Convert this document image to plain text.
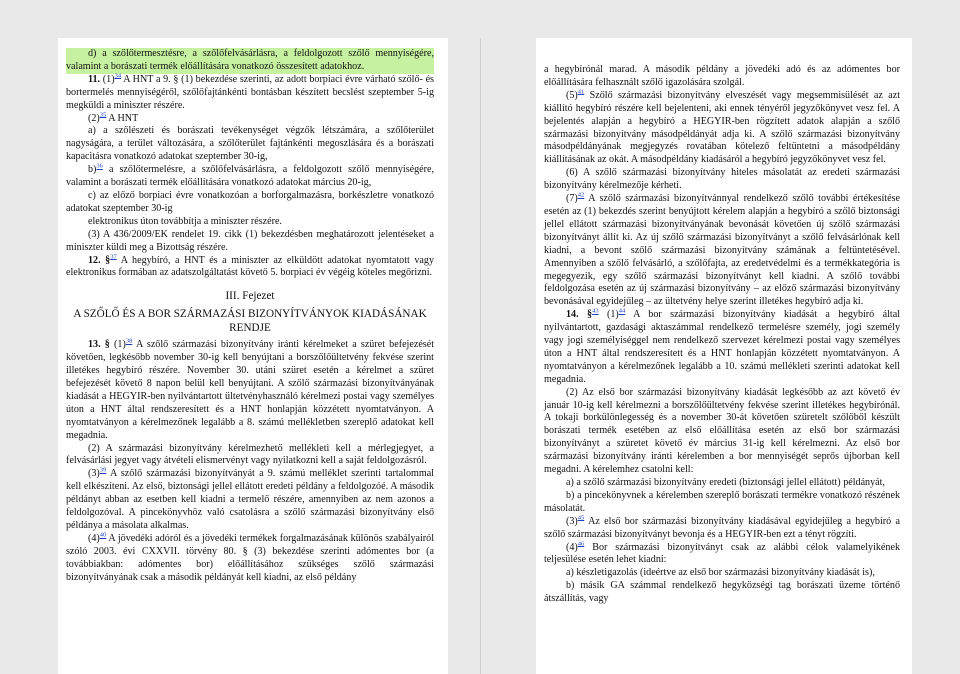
d) a szőlőtermesztésre, a szőlőfelvásárlásra, a feldolgozott szőlő mennyiségére, valamint a borászati termék előállítására vonatkozó összesített adatokhoz.

11. $(1)^{34}$ A HNT a 9. § (1) bekezdése szerinti, az adott borpiaci évre várható szőlő- és bortermelés mennyiségéről, szőlőfajtánkénti bontásban készített becslést szeptember 5-ig megküldi a miniszter részére.

$(2)^{35}$ A HNT

a) a szőlészeti és borászati tevékenységet végzők létszámára, a szőlőterület nagyságára, a terület változására, a szőlőterület fajtánkénti megoszlására és a borászati kapacitásra vonatkozó adatokat szeptember 30-ig,

b)$^{36}$ a szőlőtermelésre, a szőlőfelvásárlásra, a feldolgozott szőlő mennyiségére, valamint a borászati termék előállítására vonatkozó adatokat március 20-ig,

c) az előző borpiaci évre vonatkozóan a borforgalmazásra, borkészletre vonatkozó adatokat szeptember 30-ig

elektronikus úton továbbítja a miniszter részére.

(3) A 436/2009/EK rendelet 19. cikk (1) bekezdésben meghatározott jelentéseket a miniszter küldi meg a Bizottság részére.

12. §$^{37}$ A hegybíró, a HNT és a miniszter az elküldött adatokat nyomtatott vagy elektronikus formában az adatszolgáltatást követő 5. borpiaci év végéig köteles megőrizni.

III. Fejezet

A SZŐLŐ ÉS A BOR SZÁRMAZÁSI BIZONYÍTVÁNYOK KIADÁSÁNAK

RENDJE

13. § $(1)^{38}$ A szőlő származási bizonyítvány iránti kérelmeket a szüret befejezését követően, legkésőbb november 30-ig kell benyújtani a borszőlőültetvény fekvése szerint illetékes hegybíró részére. November 30. utáni szüret esetén a kérelmet a szüret befejezését követő 8 napon belül kell benyújtani. A szőlő származási bizonyítványának kiadását a HEGYIR-ben nyilvántartott ültetvényhasználó kérelmezi postai vagy személyes úton a HNT által rendszeresített és a HNT honlapján közzétett nyomtatványon. A nyomtatványon a kérelmezőnek legalább a 8. számú mellékletben szereplő adatokat kell megadnia.

(2) A származási bizonyítvány kérelmezhető mellékleti kell a mérlegjegyet, a felvásárlási jegyet vagy átvételi elismervényt vagy nyilatkozni kell a saját feldolgozásról.

$(3)^{39}$ A szőlő származási bizonyítványát a 9. számú melléklet szerinti tartalommal kell elkészíteni. Az első, biztonsági jellel ellátott eredeti példány a feldolgozóé. A második példányt abban az esetben kell kiadni a termelő részére, amennyiben az nem azonos a feldolgozóval. A pincekönyvhöz való csatolásra a szőlő származási bizonyítvány első példánya a másolata alkalmas.

$(4)^{40}$ A jövedéki adóról és a jövedéki termékek forgalmazásának különös szabályairól szóló 2003. évi CXXVII. törvény 80. § (3) bekezdése szerinti adómentes bor (a továbbiakban: adómentes bor) előállításához szükséges szőlő származási bizonyítványának csak a második példányát kell kiadni, az első példány

a hegybírónál marad. A második példány a jövedéki adó és az adómentes bor előállítására felhasznált szőlő igazolására szolgál.

$(5)^{41}$ Szőlő származási bizonyítvány elveszését vagy megsemmisülését az azt kiállító hegybíró részére kell bejelenteni, aki ennek tényéről jegyzőkönyvet vesz fel. A bejelentés alapján a hegybíró a HEGYIR-ben rögzített adatok alapján a szőlő származási bizonyítvány másodpéldányát adja ki. A szőlő származási bizonyítvány másodpéldányának megjegyzés rovatában kötelező feltüntetni a másodpéldány kiállításának az okát. A másodpéldány kiadásáról a hegybíró jegyzőkönyvet vesz fel.

(6) A szőlő származási bizonyítvány hiteles másolatát az eredeti származási bizonyítvány kérelmezője kérheti.

$(7)^{42}$ A szőlő származási bizonyítvánnyal rendelkező szőlő további értékesítése esetén az (1) bekezdés szerint benyújtott kérelem alapján a hegybíró a szőlő biztonsági jellel ellátott származási bizonyítványának bevonását követően új szőlő származási bizonyítványt állít ki. Az új szőlő származási bizonyítványt a szőlő felvásárlónak kell kiadni, a bevont szőlő származási bizonyítvány számának a feltüntetésével. Amennyiben a szőlő felvásárló, a szőlőfajta, az eredetvédelmi és a termékkategória is megegyezik, egy szőlő származási bizonyítványt kell kiadni. A szőlő további feldolgozása esetén az új származási bizonyítvány – az előző származási bizonyítvány bevonásával egyidejűleg – az ültetvény helye szerint illetékes hegybíró adja ki.

14. §$^{43}$ $(1)^{44}$ A bor származási bizonyítvány kiadását a hegybíró által nyilvántartott, gazdasági aktaszámmal rendelkező termelésre személy, jogi személy vagy jogi személyiséggel nem rendelkező szervezet kérelmezi postai vagy személyes úton a HNT által rendszeresített és a HNT honlapján közzétett nyomtatványon. A nyomtatványon a kérelmezőnek legalább a 10. számú mellékleti szerinti adatokat kell megadnia.

(2) Az első bor származási bizonyítvány kiadását legkésőbb az azt követő év január 10-ig kell kérelmezni a borszőlőültetvény fekvése szerint illetékes hegybírónál. A tokaji borkülönlegesség és a november 30-át követően szüretelt szőlőből készült borászati termék esetében az első előállítása esetén az első bor származási bizonyítványt a szüretet követő év március 31-ig kell kérelmezni. Az első bor származási bizonyítvány iránti kérelemben a bor mennyiségét seprős újborban kell megadni. A kérelemhez csatolni kell:

a) a szőlő származási bizonyítvány eredeti (biztonsági jellel ellátott) példányát,

b) a pincekönyvnek a kérelemben szereplő borászati termékre vonatkozó részének másolatát.

$(3)^{45}$ Az első bor származási bizonyítvány kiadásával egyidejűleg a hegybíró a szőlő származási bizonyítványt bevonja és a HEGYIR-ben ezt a tényt rögzíti.

$(4)^{46}$ Bor származási bizonyítványt csak az alábbi célok valamelyikének teljesülése esetén lehet kiadni:

a) készletigazolás (ideértve az első bor származási bizonyítvány kiadását is),

b) másik GA számmal rendelkező hegyközségi tag borászati üzeme történő átszállítás, vagy
